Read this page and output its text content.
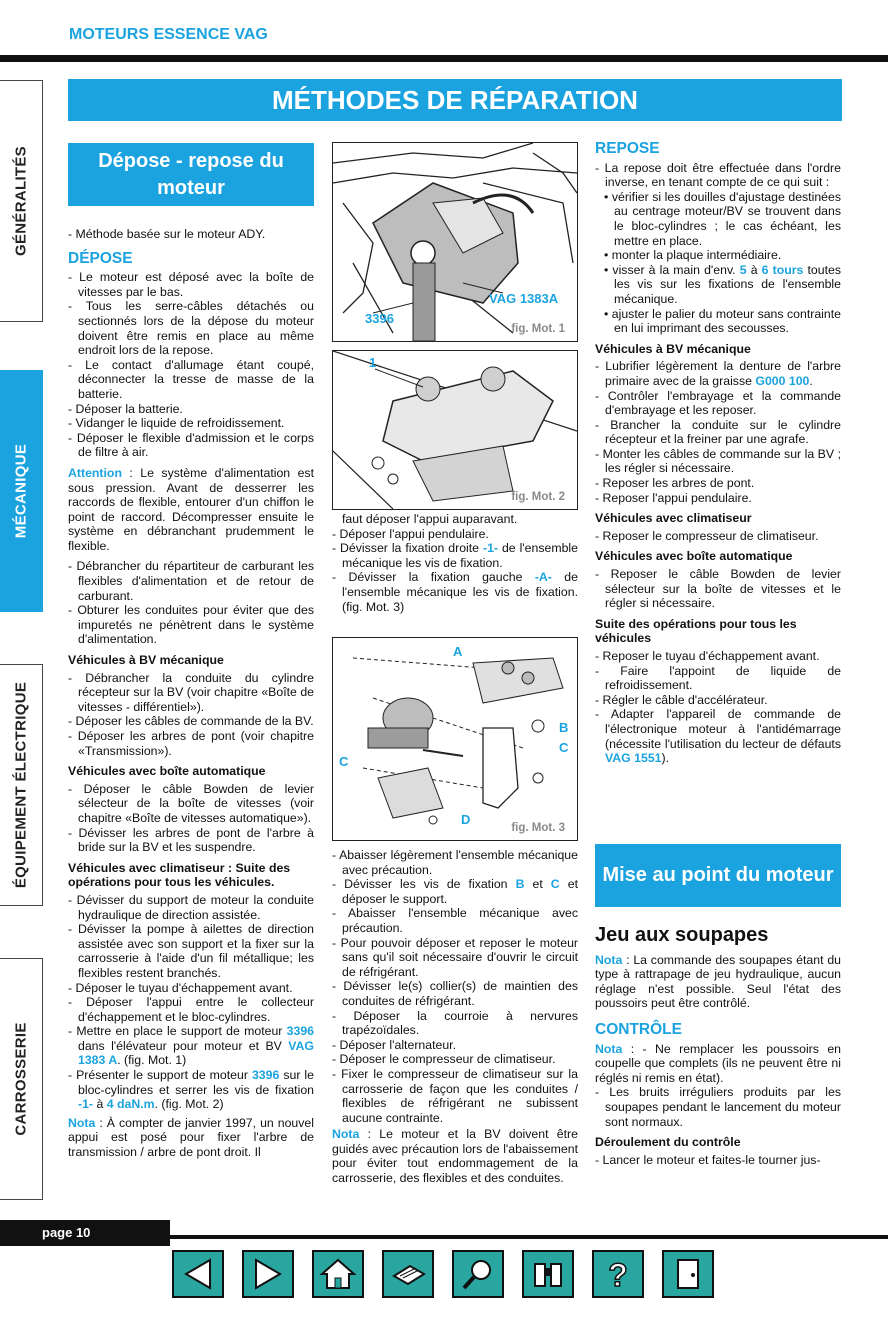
MOTEURS ESSENCE VAG
MÉTHODES DE RÉPARATION
GÉNÉRALITÉS
MÉCANIQUE
ÉQUIPEMENT ÉLECTRIQUE
CARROSSERIE
Dépose - repose du moteur

- Méthode basée sur le moteur ADY.

DÉPOSE

- Le moteur est déposé avec la boîte de vitesses par le bas.

- Tous les serre-câbles détachés ou sectionnés lors de la dépose du moteur doivent être remis en place au même endroit lors de la repose.

- Le contact d'allumage étant coupé, déconnecter la tresse de masse de la batterie.

- Déposer la batterie.

- Vidanger le liquide de refroidissement.

- Déposer le flexible d'admission et le corps de filtre à air.

Attention : Le système d'alimentation est sous pression. Avant de desserrer les raccords de flexible, entourer d'un chiffon le point de raccord. Décompresser ensuite le système en débranchant prudemment le flexible.

- Débrancher du répartiteur de carburant les flexibles d'alimentation et de retour de carburant.

- Obturer les conduites pour éviter que des impuretés ne pénètrent dans le système d'alimentation.

Véhicules à BV mécanique

- Débrancher la conduite du cylindre récepteur sur la BV (voir chapitre «Boîte de vitesses - différentiel»).

- Déposer les câbles de commande de la BV.

- Déposer les arbres de pont (voir chapitre «Transmission»).

Véhicules avec boîte automatique

- Déposer le câble Bowden de levier sélecteur de la boîte de vitesses (voir chapitre «Boîte de vitesses automatique»).

- Dévisser les arbres de pont de l'arbre à bride sur la BV et les suspendre.

Véhicules avec climatiseur : Suite des opérations pour tous les véhicules.

- Dévisser du support de moteur la conduite hydraulique de direction assistée.

- Dévisser la pompe à ailettes de direction assistée avec son support et la fixer sur la carrosserie à l'aide d'un fil métallique; les flexibles restent branchés.

- Déposer le tuyau d'échappement avant.

- Déposer l'appui entre le collecteur d'échappement et le bloc-cylindres.

- Mettre en place le support de moteur 3396 dans l'élévateur pour moteur et BV VAG 1383 A. (fig. Mot. 1)

- Présenter le support de moteur 3396 sur le bloc-cylindres et serrer les vis de fixation -1- à 4 daN.m. (fig. Mot. 2)

Nota : À compter de janvier 1997, un nouvel appui est posé pour fixer l'arbre de transmission / arbre de pont droit. Il

VAG 1383A
3396
fig. Mot. 1
1
fig. Mot. 2

faut déposer l'appui auparavant.

- Déposer l'appui pendulaire.

- Dévisser la fixation droite -1- de l'ensemble mécanique les vis de fixation.

- Dévisser la fixation gauche -A- de l'ensemble mécanique les vis de fixation. (fig. Mot. 3)

A
B
C
C
D
fig. Mot. 3

- Abaisser légèrement l'ensemble mécanique avec précaution.

- Dévisser les vis de fixation B et C et déposer le support.

- Abaisser l'ensemble mécanique avec précaution.

- Pour pouvoir déposer et reposer le moteur sans qu'il soit nécessaire d'ouvrir le circuit de réfrigérant.

- Dévisser le(s) collier(s) de maintien des conduites de réfrigérant.

- Déposer la courroie à nervures trapézoïdales.

- Déposer l'alternateur.

- Déposer le compresseur de climatiseur.

- Fixer le compresseur de climatiseur sur la carrosserie de façon que les conduites / flexibles de réfrigérant ne subissent aucune contrainte.

Nota : Le moteur et la BV doivent être guidés avec précaution lors de l'abaissement pour éviter tout endommagement de la carrosserie, des flexibles et des conduites.

REPOSE

- La repose doit être effectuée dans l'ordre inverse, en tenant compte de ce qui suit :

• vérifier si les douilles d'ajustage destinées au centrage moteur/BV se trouvent dans le bloc-cylindres ; le cas échéant, les mettre en place.

• monter la plaque intermédiaire.

• visser à la main d'env. 5 à 6 tours toutes les vis sur les fixations de l'ensemble mécanique.

• ajuster le palier du moteur sans contrainte en lui imprimant des secousses.

Véhicules à BV mécanique

- Lubrifier légèrement la denture de l'arbre primaire avec de la graisse G000 100.

- Contrôler l'embrayage et la commande d'embrayage et les reposer.

- Brancher la conduite sur le cylindre récepteur et la freiner par une agrafe.

- Monter les câbles de commande sur la BV ; les régler si nécessaire.

- Reposer les arbres de pont.

- Reposer l'appui pendulaire.

Véhicules avec climatiseur

- Reposer le compresseur de climatiseur.

Véhicules avec boîte automatique

- Reposer le câble Bowden de levier sélecteur sur la boîte de vitesses et le régler si nécessaire.

Suite des opérations pour tous les véhicules

- Reposer le tuyau d'échappement avant.

- Faire l'appoint de liquide de refroidissement.

- Régler le câble d'accélérateur.

- Adapter l'appareil de commande de l'électronique moteur à l'antidémarrage (nécessite l'utilisation du lecteur de défauts VAG 1551).

Mise au point du moteur

Jeu aux soupapes

Nota : La commande des soupapes étant du type à rattrapage de jeu hydraulique, aucun réglage n'est possible. Seul l'état des poussoirs peut être contrôlé.

CONTRÔLE

Nota : - Ne remplacer les poussoirs en coupelle que complets (ils ne peuvent être ni réglés ni remis en état).

- Les bruits irréguliers produits par les soupapes pendant le lancement du moteur sont normaux.

Déroulement du contrôle

- Lancer le moteur et faites-le tourner jus-

page 10
?
